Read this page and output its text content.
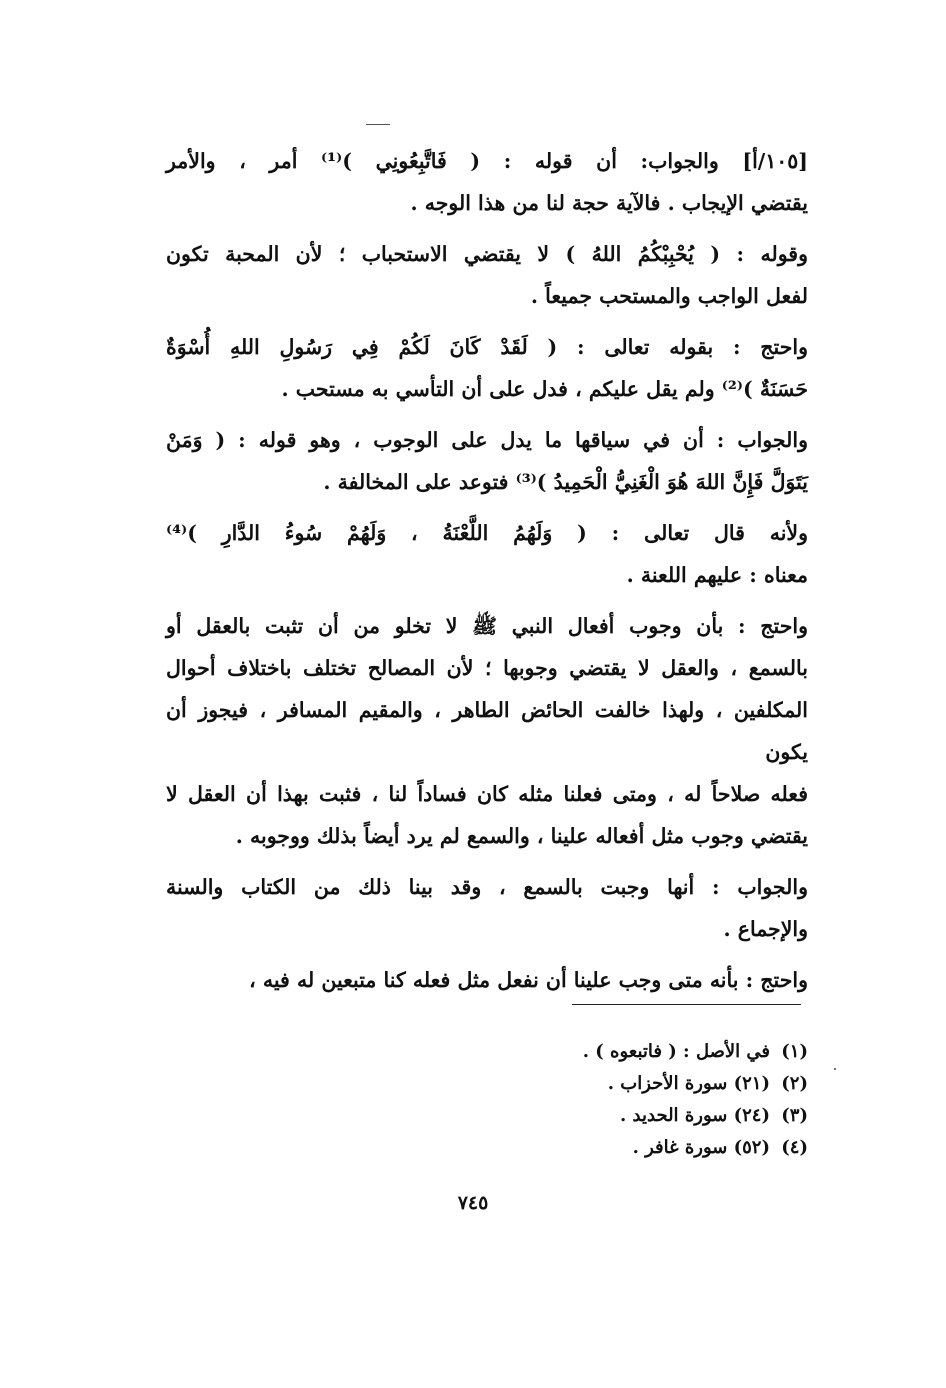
[١٠٥/أ] والجواب: أن قوله : ( فَاتَّبِعُونِي )⁽¹⁾ أمر ، والأمر
يقتضي الإيجاب . فالآية حجة لنا من هذا الوجه .

وقوله : ( يُحْبِبْكُمُ اللهُ ) لا يقتضي الاستحباب ؛ لأن المحبة تكون
لفعل الواجب والمستحب جميعاً .

واحتج : بقوله تعالى : ( لَقَدْ كَانَ لَكُمْ فِي رَسُولِ اللهِ أُسْوَةٌ
حَسَنَةٌ )⁽²⁾ ولم يقل عليكم ، فدل على أن التأسي به مستحب .

والجواب : أن في سياقها ما يدل على الوجوب ، وهو قوله : ( وَمَنْ
يَتَوَلَّ فَإِنَّ اللهَ هُوَ الْغَنِيُّ الْحَمِيدُ )⁽³⁾ فتوعد على المخالفة .

ولأنه قال تعالى : ( وَلَهُمُ اللَّعْنَةُ ، وَلَهُمْ سُوءُ الدَّارِ )⁽⁴⁾
معناه : عليهم اللعنة .

واحتج : بأن وجوب أفعال النبي ﷺ لا تخلو من أن تثبت بالعقل أو
بالسمع ، والعقل لا يقتضي وجوبها ؛ لأن المصالح تختلف باختلاف أحوال
المكلفين ، ولهذا خالفت الحائض الطاهر ، والمقيم المسافر ، فيجوز أن يكون
فعله صلاحاً له ، ومتى فعلنا مثله كان فساداً لنا ، فثبت بهذا أن العقل لا
يقتضي وجوب مثل أفعاله علينا ، والسمع لم يرد أيضاً بذلك ووجوبه .

والجواب : أنها وجبت بالسمع ، وقد بينا ذلك من الكتاب والسنة
والإجماع .

واحتج : بأنه متى وجب علينا أن نفعل مثل فعله كنا متبعين له فيه ،

(١)في الأصل : ( فاتبعوه ) .
(٢)(٢١) سورة الأحزاب .
(٣)(٢٤) سورة الحديد .
(٤)(٥٢) سورة غافر .
٧٤٥
